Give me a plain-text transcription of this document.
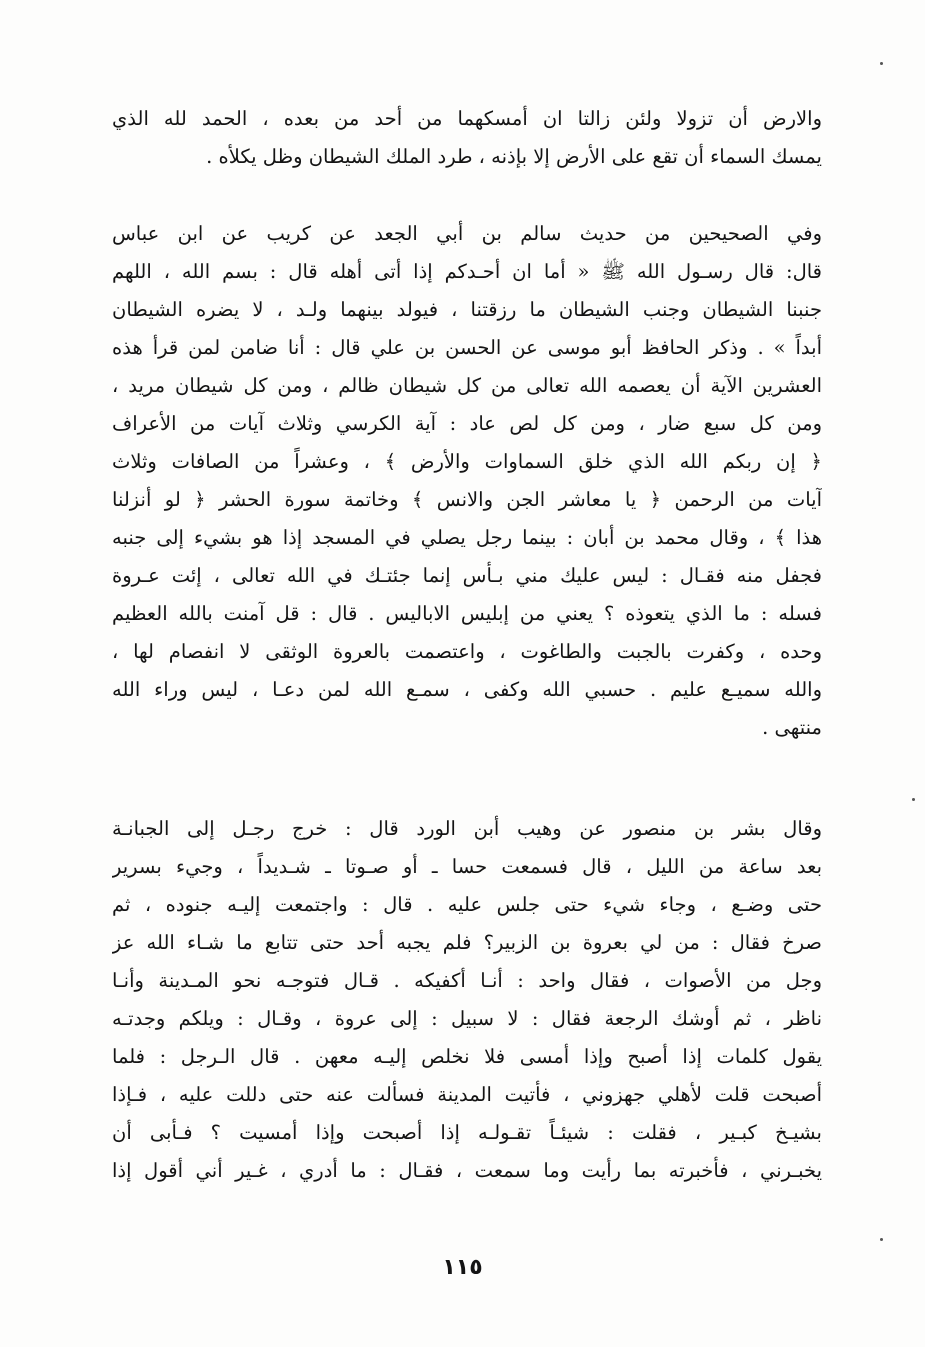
والارض أن تزولا ولئن زالتا ان أمسكهما من أحد من بعده ، الحمد لله الذي
يمسك السماء أن تقع على الأرض إلا بإذنه ، طرد الملك الشيطان وظل يكلأه .
وفي الصحيحين من حديث سالم بن أبي الجعد عن كريب عن ابن عباس
قال: قال رسـول الله ﷺ « أما ان أحـدكم إذا أتى أهله قال : بسم الله ، اللهم
جنبنا الشيطان وجنب الشيطان ما رزقتنا ، فيولد بينهما ولـد ، لا يضره الشيطان
أبداً » . وذكر الحافظ أبو موسى عن الحسن بن علي قال : أنا ضامن لمن قرأ هذه
العشرين الآية أن يعصمه الله تعالى من كل شيطان ظالم ، ومن كل شيطان مريد ،
ومن كل سبع ضار ، ومن كل لص عاد : آية الكرسي وثلاث آيات من الأعراف
﴿ إن ربكم الله الذي خلق السماوات والأرض ﴾ ، وعشراً من الصافات وثلاث
آيات من الرحمن ﴿ يا معاشر الجن والانس ﴾ وخاتمة سورة الحشر ﴿ لو أنزلنا
هذا ﴾ ، وقال محمد بن أبان : بينما رجل يصلي في المسجد إذا هو بشيء إلى جنبه
فجفل منه فقـال : ليس عليك مني بـأس إنما جئتـك في الله تعالى ، إئت عـروة
فسله : ما الذي يتعوذه ؟ يعني من إبليس الاباليس . قال : قل آمنت بالله العظيم
وحده ، وكفرت بالجبت والطاغوت ، واعتصمت بالعروة الوثقى لا انفصام لها ،
والله سميـع عليم . حسبي الله وكفى ، سمـع الله لمن دعـا ، ليس وراء الله
منتهى .
وقال بشر بن منصور عن وهيب أبن الورد قال : خرج رجـل إلى الجبانـة
بعد ساعة من الليل ، قال فسمعت حسا ـ أو صـوتا ـ شـديداً ، وجيء بسرير
حتى وضـع ، وجاء شيء حتى جلس عليه . قال : واجتمعت إليـه جنوده ، ثم
صرخ فقال : من لي بعروة بن الزبير؟ فلم يجبه أحد حتى تتابع ما شـاء الله عز
وجل من الأصوات ، فقال واحد : أنـا أكفيكه . قـال فتوجـه نحو المـدينة وأنـا
ناظر ، ثم أوشك الرجعة فقال : لا سبيل : إلى عروة ، وقـال : ويلكم وجدتـه
يقول كلمات إذا أصبح وإذا أمسى فلا نخلص إليـه معهن . قال الـرجل : فلما
أصبحت قلت لأهلي جهزوني ، فأتيت المدينة فسألت عنه حتى دللت عليه ، فـإذا
بشيـخ كبـير ، فقلت : شيئـاً تقـولـه إذا أصبحت وإذا أمسيت ؟ فـأبى أن
يخبـرني ، فأخبرته بما رأيت وما سمعت ، فقـال : ما أدري ، غـير أني أقول إذا
١١٥
